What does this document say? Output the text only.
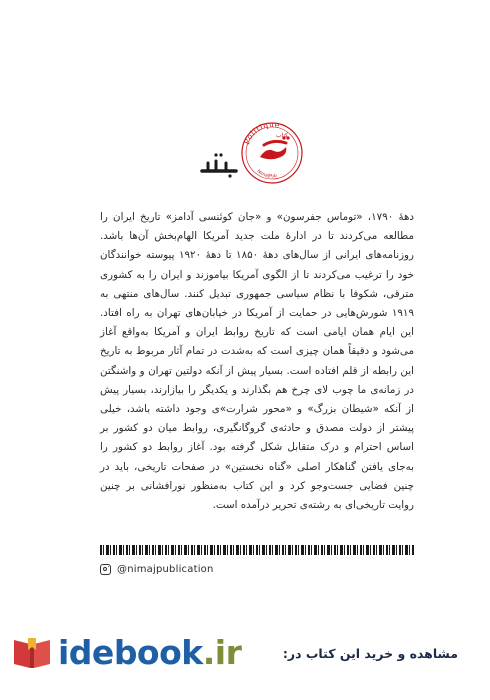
Politique
NimaJPub
کتاب

دههٔ ۱۷۹۰، «توماس جفرسون» و «جان کوئنسی آدامز» تاریخ ایران را مطالعه می‌کردند تا در ادارهٔ ملت جدید آمریکا الهام‌بخش آن‌ها باشد. روزنامه‌های ایرانی از سال‌های دههٔ ۱۸۵۰ تا دههٔ ۱۹۲۰ پیوسته خوانندگان خود را ترغیب می‌کردند تا از الگوی آمریکا بیاموزند و ایران را به کشوری مترقی، شکوفا با نظام سیاسی جمهوری تبدیل کنند. سال‌های منتهی به ۱۹۱۹ شورش‌هایی در حمایت از آمریکا در خیابان‌های تهران به راه افتاد. این ایام همان ایامی است که تاریخ روابط ایران و آمریکا به‌واقع آغاز می‌شود و دقیقاً همان چیزی است که به‌شدت در تمام آثار مربوط به تاریخ این رابطه از قلم افتاده است. بسیار پیش از آنکه دولتین تهران و واشنگتن در زمانه‌ی ما چوب لای چرخ هم بگذارند و یکدیگر را بیازارند، بسیار پیش از آنکه «شیطان بزرگ» و «محور شرارت»ی وجود داشته باشد، خیلی پیشتر از دولت مصدق و حادثه‌ی گروگانگیری، روابط میان دو کشور بر اساس احترام و درک متقابل شکل گرفته بود. آغاز روابط دو کشور را به‌جای یافتن گناهکار اصلی «گناه نخستین» در صفحات تاریخی، باید در چنین فضایی جست‌وجو کرد و این کتاب به‌منظور نورافشانی بر چنین روایت تاریخی‌ای به رشته‌ی تحریر درآمده است.

@nimajpublication
idebook.ir	مشاهده و خرید این کتاب در:
